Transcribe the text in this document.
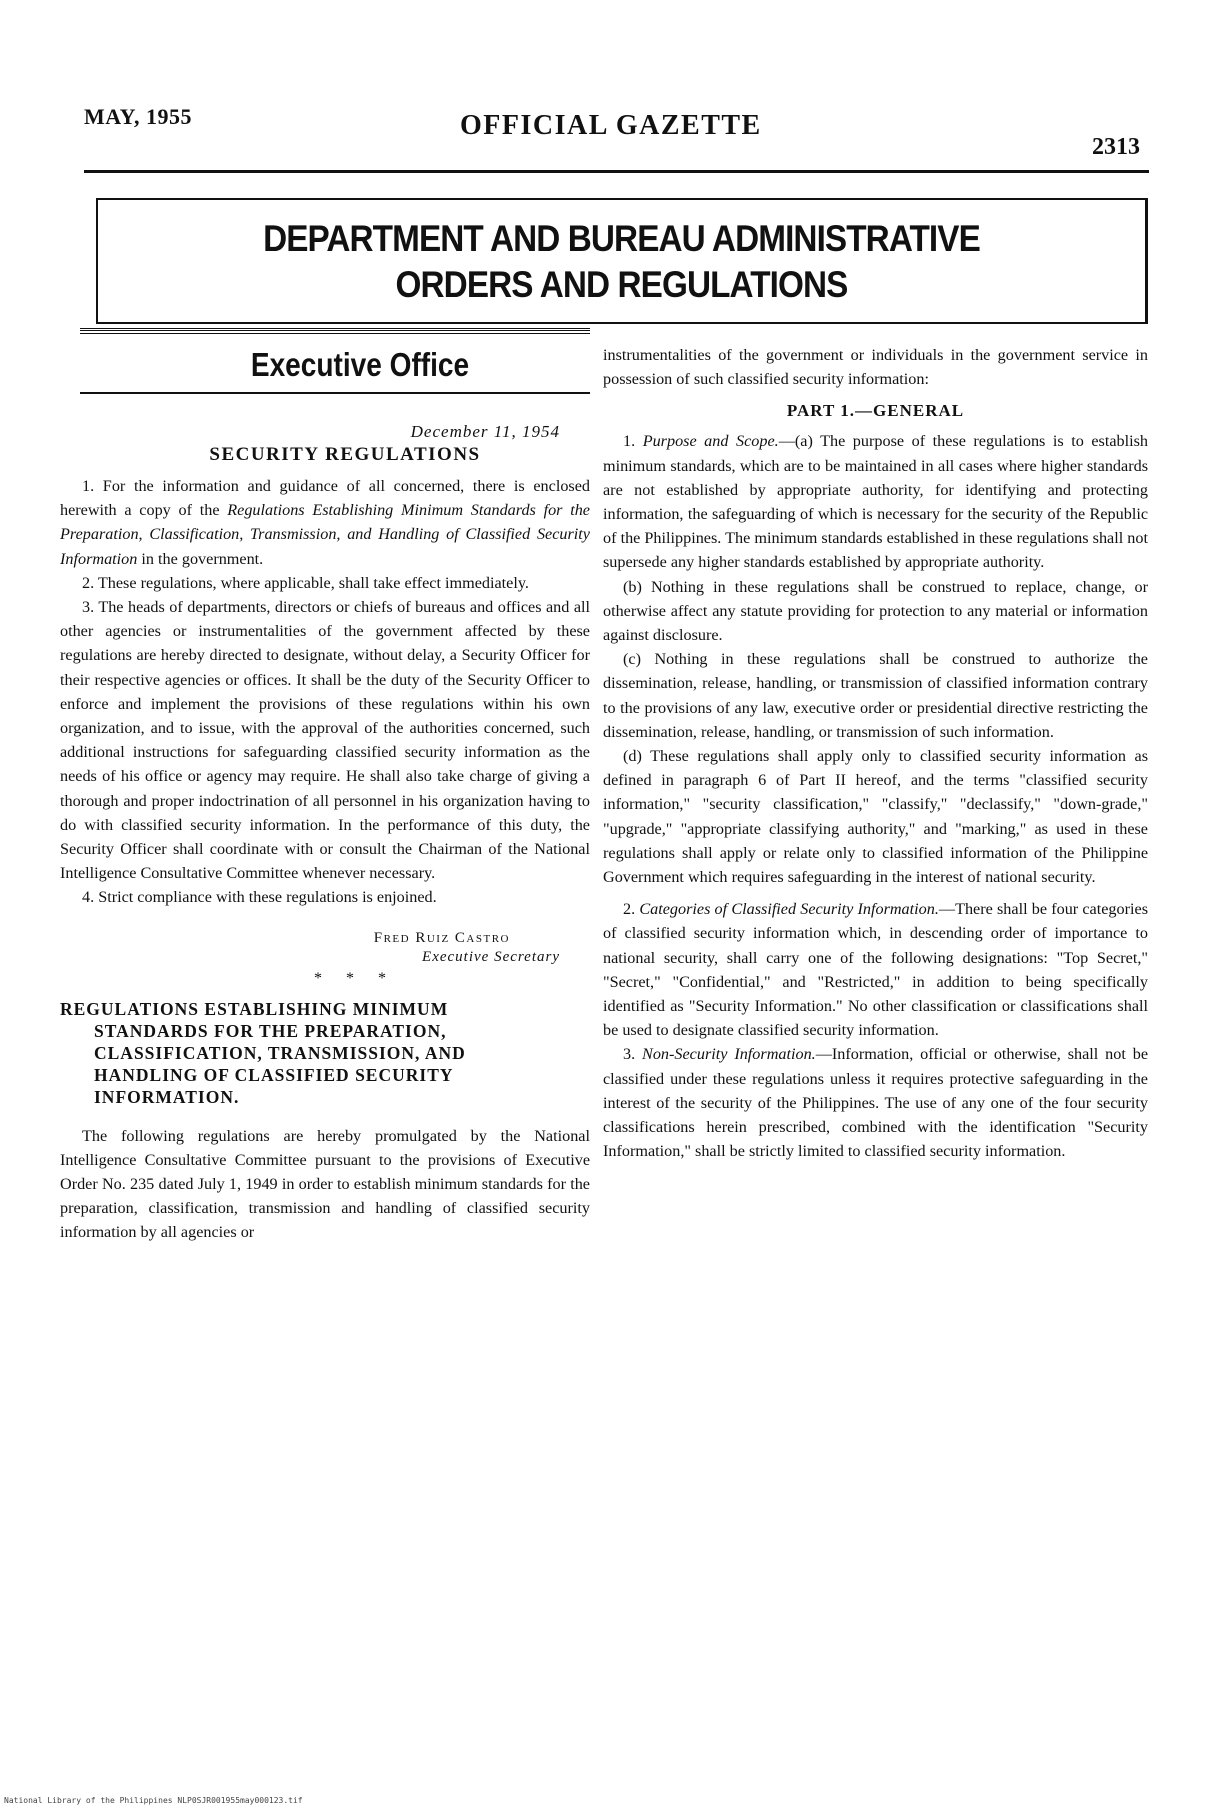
MAY, 1955	OFFICIAL GAZETTE
2313
DEPARTMENT AND BUREAU ADMINISTRATIVE
ORDERS AND REGULATIONS
Executive Office
December 11, 1954
SECURITY REGULATIONS

1. For the information and guidance of all concerned, there is enclosed herewith a copy of the Regulations Establishing Minimum Standards for the Preparation, Classification, Transmission, and Handling of Classified Security Information in the government.

2. These regulations, where applicable, shall take effect immediately.

3. The heads of departments, directors or chiefs of bureaus and offices and all other agencies or instrumentalities of the government affected by these regulations are hereby directed to designate, without delay, a Security Officer for their respective agencies or offices. It shall be the duty of the Security Officer to enforce and implement the provisions of these regulations within his own organization, and to issue, with the approval of the authorities concerned, such additional instructions for safeguarding classified security information as the needs of his office or agency may require. He shall also take charge of giving a thorough and proper indoctrination of all personnel in his organization having to do with classified security information. In the performance of this duty, the Security Officer shall coordinate with or consult the Chairman of the National Intelligence Consultative Committee whenever necessary.

4. Strict compliance with these regulations is enjoined.

Fred Ruiz Castro
Executive Secretary
* * *
REGULATIONS ESTABLISHING MINIMUM
STANDARDS FOR THE PREPARATION,
CLASSIFICATION, TRANSMISSION, AND
HANDLING OF CLASSIFIED SECURITY
INFORMATION.

The following regulations are hereby promulgated by the National Intelligence Consultative Committee pursuant to the provisions of Executive Order No. 235 dated July 1, 1949 in order to establish minimum standards for the preparation, classification, transmission and handling of classified security information by all agencies or

instrumentalities of the government or individuals in the government service in possession of such classified security information:

PART 1.—GENERAL

1. Purpose and Scope.—(a) The purpose of these regulations is to establish minimum standards, which are to be maintained in all cases where higher standards are not established by appropriate authority, for identifying and protecting information, the safeguarding of which is necessary for the security of the Republic of the Philippines. The minimum standards established in these regulations shall not supersede any higher standards established by appropriate authority.

(b) Nothing in these regulations shall be construed to replace, change, or otherwise affect any statute providing for protection to any material or information against disclosure.

(c) Nothing in these regulations shall be construed to authorize the dissemination, release, handling, or transmission of classified information contrary to the provisions of any law, executive order or presidential directive restricting the dissemination, release, handling, or transmission of such information.

(d) These regulations shall apply only to classified security information as defined in paragraph 6 of Part II hereof, and the terms "classified security information," "security classification," "classify," "declassify," "down-grade," "upgrade," "appropriate classifying authority," and "marking," as used in these regulations shall apply or relate only to classified information of the Philippine Government which requires safeguarding in the interest of national security.

2. Categories of Classified Security Information.—There shall be four categories of classified security information which, in descending order of importance to national security, shall carry one of the following designations: "Top Secret," "Secret," "Confidential," and "Restricted," in addition to being specifically identified as "Security Information." No other classification or classifications shall be used to designate classified security information.

3. Non-Security Information.—Information, official or otherwise, shall not be classified under these regulations unless it requires protective safeguarding in the interest of the security of the Philippines. The use of any one of the four security classifications herein prescribed, combined with the identification "Security Information," shall be strictly limited to classified security information.

National Library of the Philippines NLP0SJR001955may000123.tif
